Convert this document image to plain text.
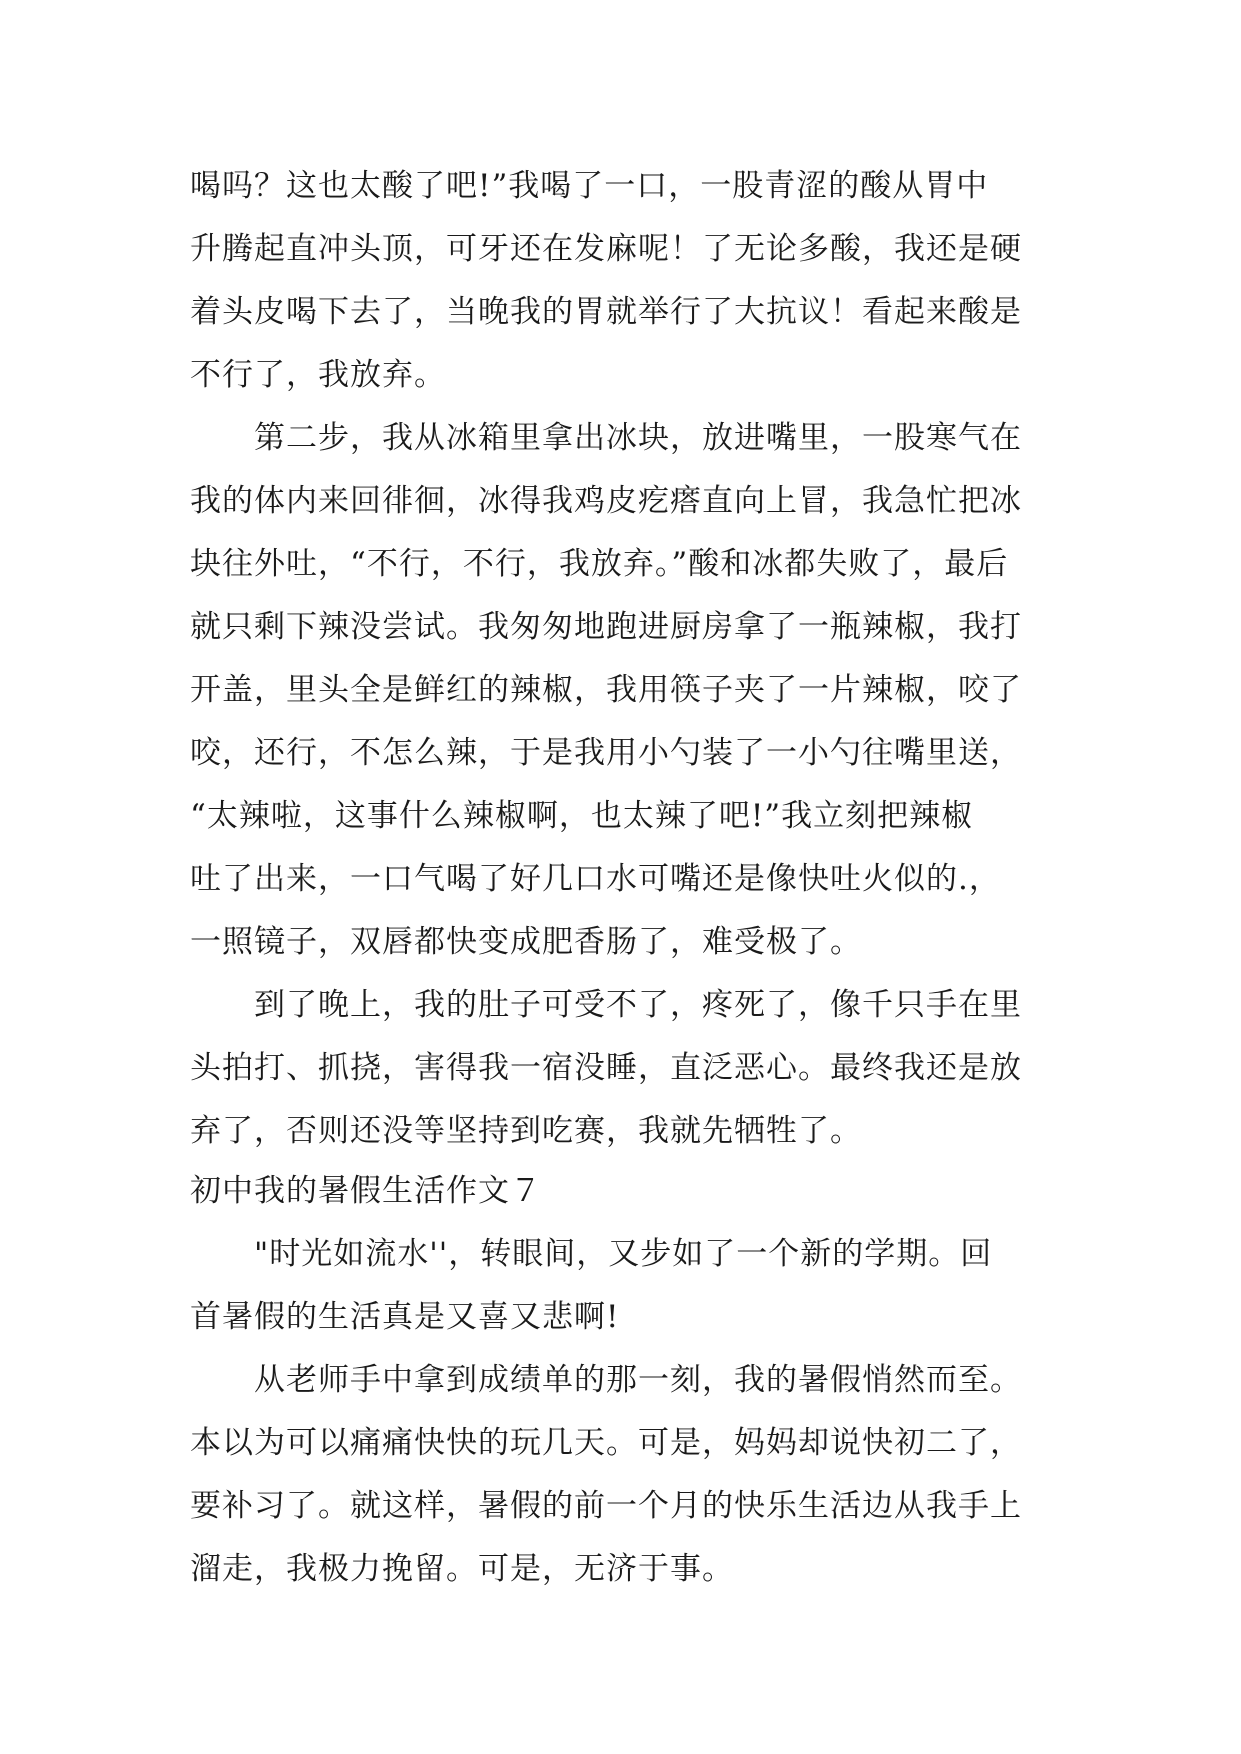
喝吗？这也太酸了吧!”我喝了一口，一股青涩的酸从胃中
升腾起直冲头顶，可牙还在发麻呢！了无论多酸，我还是硬
着头皮喝下去了，当晚我的胃就举行了大抗议！看起来酸是
不行了，我放弃。
第二步，我从冰箱里拿出冰块，放进嘴里，一股寒气在
我的体内来回徘徊，冰得我鸡皮疙瘩直向上冒，我急忙把冰
块往外吐，“不行，不行，我放弃。”酸和冰都失败了，最后
就只剩下辣没尝试。我匆匆地跑进厨房拿了一瓶辣椒，我打
开盖，里头全是鲜红的辣椒，我用筷子夹了一片辣椒，咬了
咬，还行，不怎么辣，于是我用小勺装了一小勺往嘴里送，
“太辣啦，这事什么辣椒啊，也太辣了吧!”我立刻把辣椒
吐了出来，一口气喝了好几口水可嘴还是像快吐火似的.，
一照镜子，双唇都快变成肥香肠了，难受极了。
到了晚上，我的肚子可受不了，疼死了，像千只手在里
头拍打、抓挠，害得我一宿没睡，直泛恶心。最终我还是放
弃了，否则还没等坚持到吃赛，我就先牺牲了。
初中我的暑假生活作文７
"时光如流水''，转眼间，又步如了一个新的学期。回
首暑假的生活真是又喜又悲啊!
从老师手中拿到成绩单的那一刻，我的暑假悄然而至。
本以为可以痛痛快快的玩几天。可是，妈妈却说快初二了，
要补习了。就这样，暑假的前一个月的快乐生活边从我手上
溜走，我极力挽留。可是，无济于事。
